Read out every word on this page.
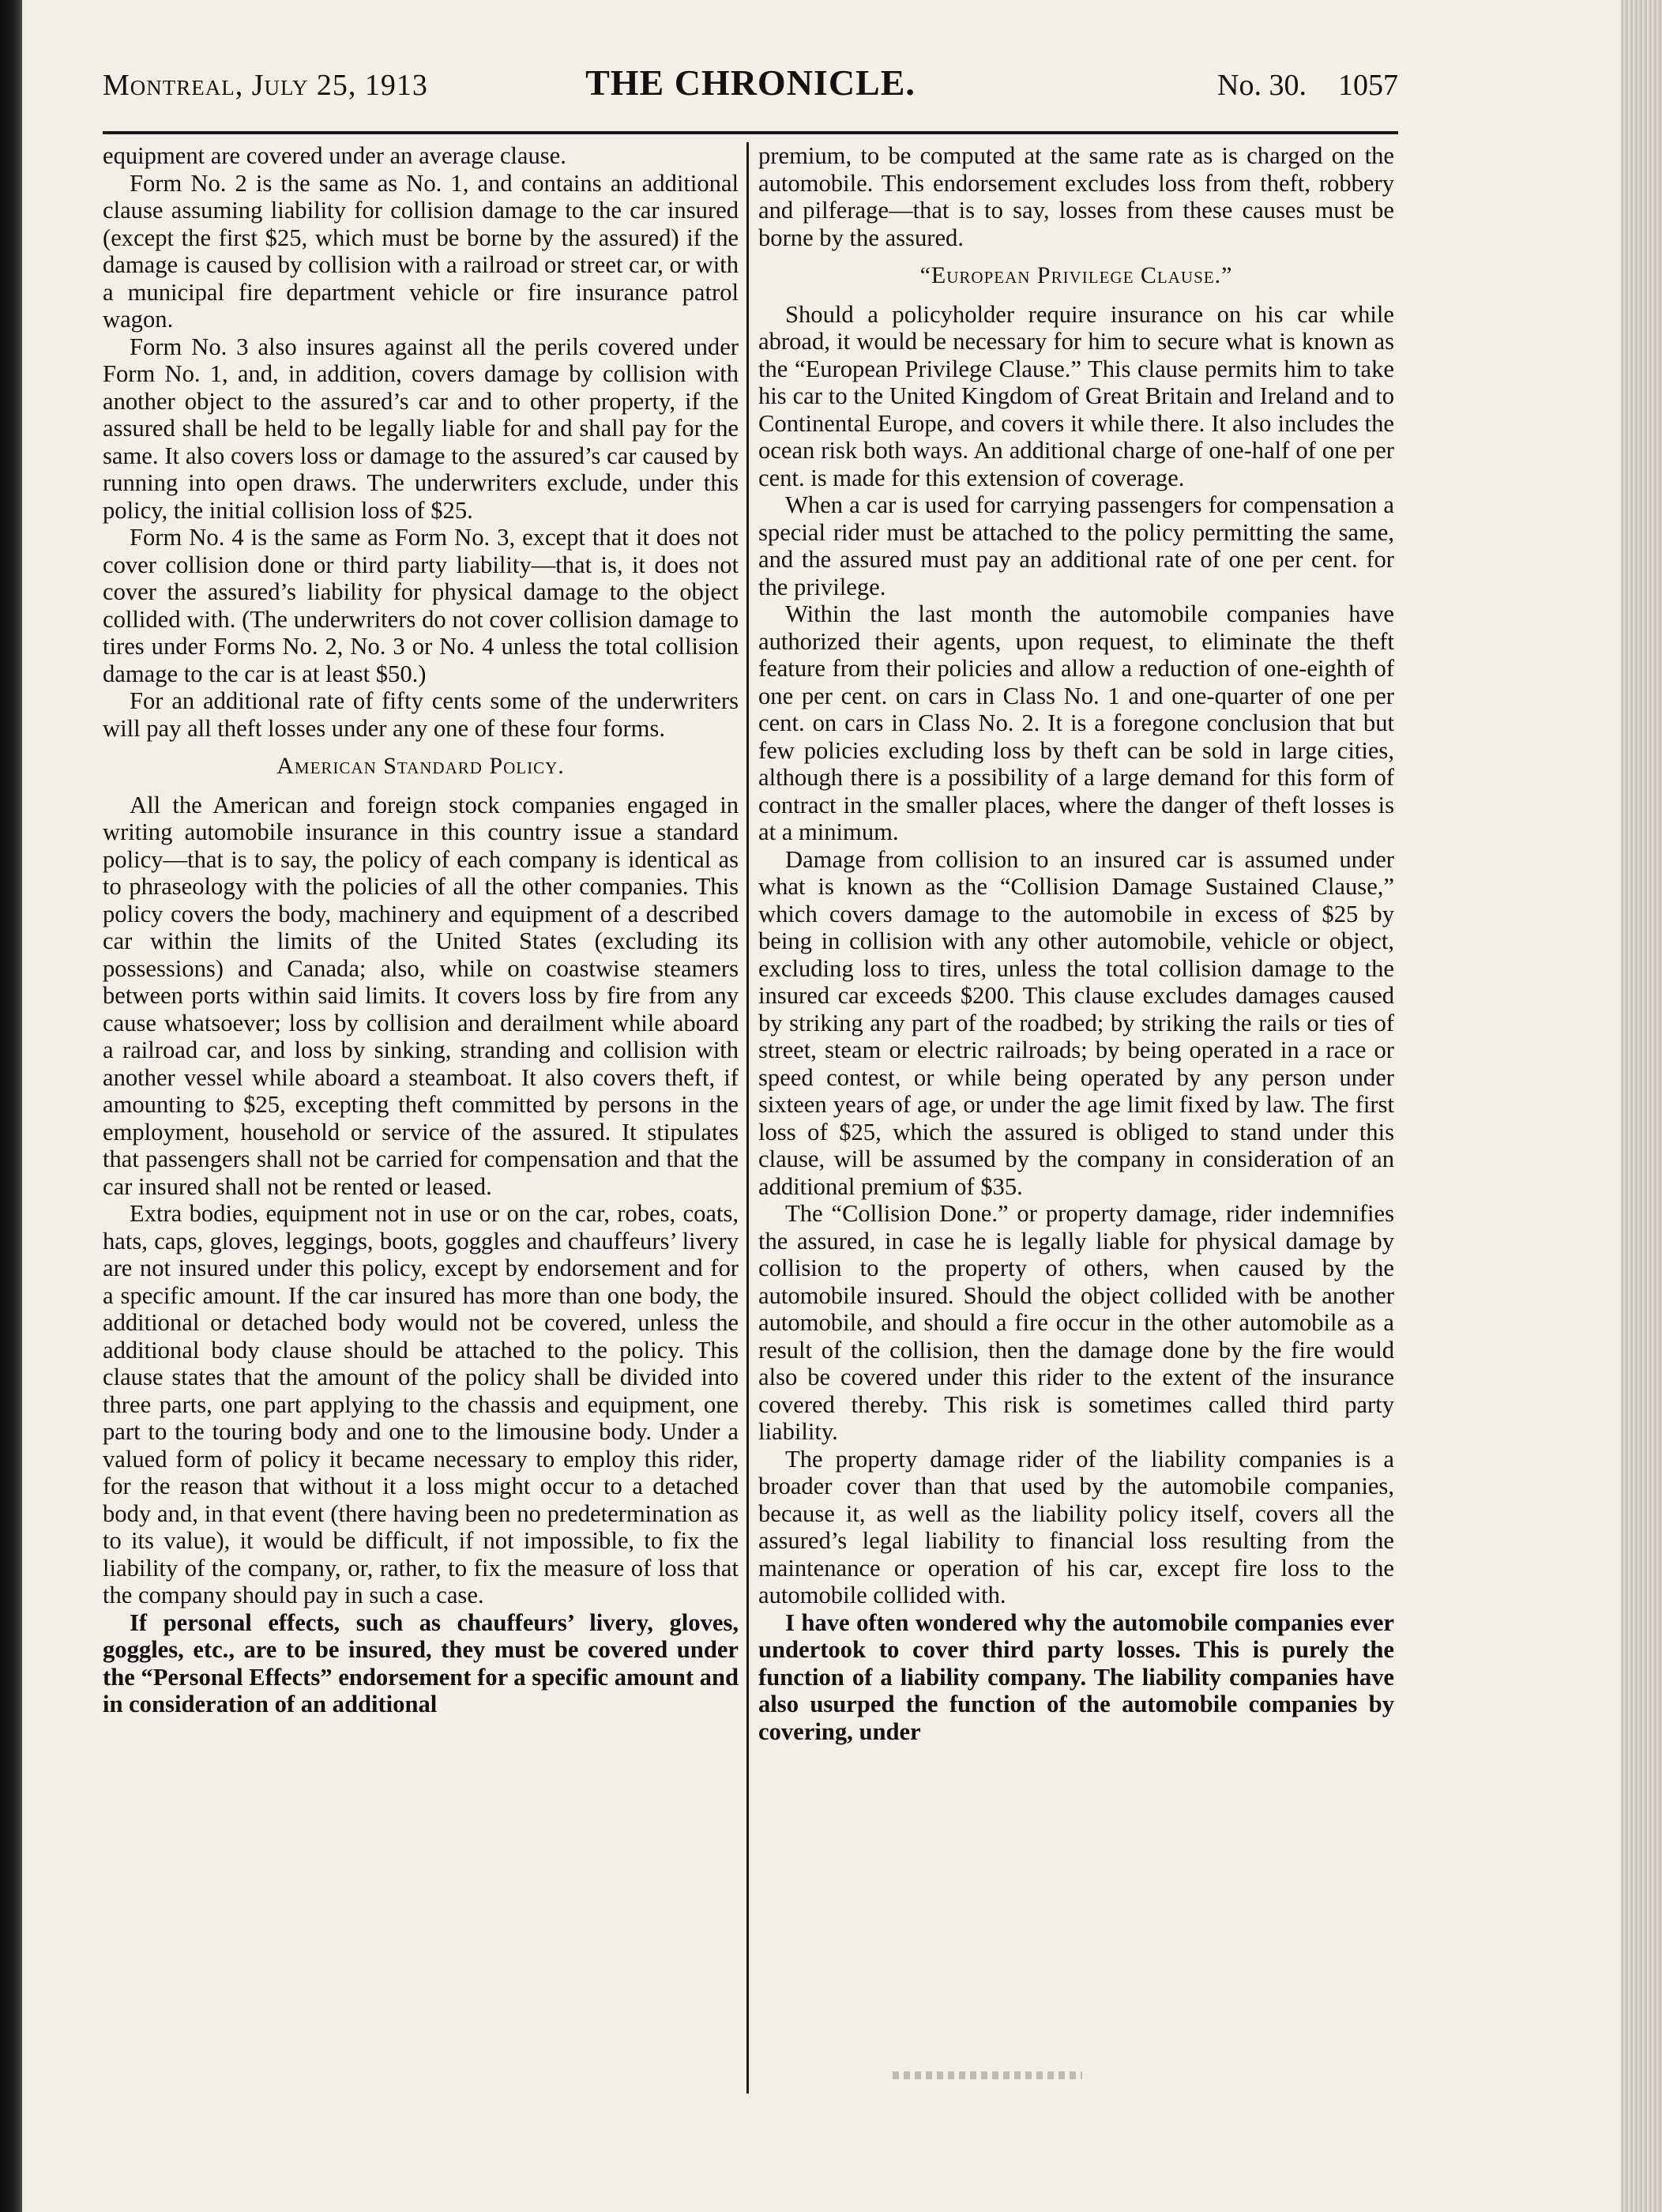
Montreal, July 25, 1913	THE CHRONICLE.	No. 30. 1057

equipment are covered under an average clause.

Form No. 2 is the same as No. 1, and contains an additional clause assuming liability for collision damage to the car insured (except the first $25, which must be borne by the assured) if the damage is caused by collision with a railroad or street car, or with a municipal fire department vehicle or fire insurance patrol wagon.

Form No. 3 also insures against all the perils covered under Form No. 1, and, in addition, covers damage by collision with another object to the assured’s car and to other property, if the assured shall be held to be legally liable for and shall pay for the same. It also covers loss or damage to the assured’s car caused by running into open draws. The underwriters exclude, under this policy, the initial collision loss of $25.

Form No. 4 is the same as Form No. 3, except that it does not cover collision done or third party liability—that is, it does not cover the assured’s liability for physical damage to the object collided with. (The underwriters do not cover collision damage to tires under Forms No. 2, No. 3 or No. 4 unless the total collision damage to the car is at least $50.)

For an additional rate of fifty cents some of the underwriters will pay all theft losses under any one of these four forms.

American Standard Policy.

All the American and foreign stock companies engaged in writing automobile insurance in this country issue a standard policy—that is to say, the policy of each company is identical as to phraseology with the policies of all the other companies. This policy covers the body, machinery and equipment of a described car within the limits of the United States (excluding its possessions) and Canada; also, while on coastwise steamers between ports within said limits. It covers loss by fire from any cause whatsoever; loss by collision and derailment while aboard a railroad car, and loss by sinking, stranding and collision with another vessel while aboard a steamboat. It also covers theft, if amounting to $25, excepting theft committed by persons in the employment, household or service of the assured. It stipulates that passengers shall not be carried for compensation and that the car insured shall not be rented or leased.

Extra bodies, equipment not in use or on the car, robes, coats, hats, caps, gloves, leggings, boots, goggles and chauffeurs’ livery are not insured under this policy, except by endorsement and for a specific amount. If the car insured has more than one body, the additional or detached body would not be covered, unless the additional body clause should be attached to the policy. This clause states that the amount of the policy shall be divided into three parts, one part applying to the chassis and equipment, one part to the touring body and one to the limousine body. Under a valued form of policy it became necessary to employ this rider, for the reason that without it a loss might occur to a detached body and, in that event (there having been no predetermination as to its value), it would be difficult, if not impossible, to fix the liability of the company, or, rather, to fix the measure of loss that the company should pay in such a case.

If personal effects, such as chauffeurs’ livery, gloves, goggles, etc., are to be insured, they must be covered under the “Personal Effects” endorsement for a specific amount and in consideration of an additional

premium, to be computed at the same rate as is charged on the automobile. This endorsement excludes loss from theft, robbery and pilferage—that is to say, losses from these causes must be borne by the assured.

“European Privilege Clause.”

Should a policyholder require insurance on his car while abroad, it would be necessary for him to secure what is known as the “European Privilege Clause.” This clause permits him to take his car to the United Kingdom of Great Britain and Ireland and to Continental Europe, and covers it while there. It also includes the ocean risk both ways. An additional charge of one-half of one per cent. is made for this extension of coverage.

When a car is used for carrying passengers for compensation a special rider must be attached to the policy permitting the same, and the assured must pay an additional rate of one per cent. for the privilege.

Within the last month the automobile companies have authorized their agents, upon request, to eliminate the theft feature from their policies and allow a reduction of one-eighth of one per cent. on cars in Class No. 1 and one-quarter of one per cent. on cars in Class No. 2. It is a foregone conclusion that but few policies excluding loss by theft can be sold in large cities, although there is a possibility of a large demand for this form of contract in the smaller places, where the danger of theft losses is at a minimum.

Damage from collision to an insured car is assumed under what is known as the “Collision Damage Sustained Clause,” which covers damage to the automobile in excess of $25 by being in collision with any other automobile, vehicle or object, excluding loss to tires, unless the total collision damage to the insured car exceeds $200. This clause excludes damages caused by striking any part of the roadbed; by striking the rails or ties of street, steam or electric railroads; by being operated in a race or speed contest, or while being operated by any person under sixteen years of age, or under the age limit fixed by law. The first loss of $25, which the assured is obliged to stand under this clause, will be assumed by the company in consideration of an additional premium of $35.

The “Collision Done.” or property damage, rider indemnifies the assured, in case he is legally liable for physical damage by collision to the property of others, when caused by the automobile insured. Should the object collided with be another automobile, and should a fire occur in the other automobile as a result of the collision, then the damage done by the fire would also be covered under this rider to the extent of the insurance covered thereby. This risk is sometimes called third party liability.

The property damage rider of the liability companies is a broader cover than that used by the automobile companies, because it, as well as the liability policy itself, covers all the assured’s legal liability to financial loss resulting from the maintenance or operation of his car, except fire loss to the automobile collided with.

I have often wondered why the automobile companies ever undertook to cover third party losses. This is purely the function of a liability company. The liability companies have also usurped the function of the automobile companies by covering, under
